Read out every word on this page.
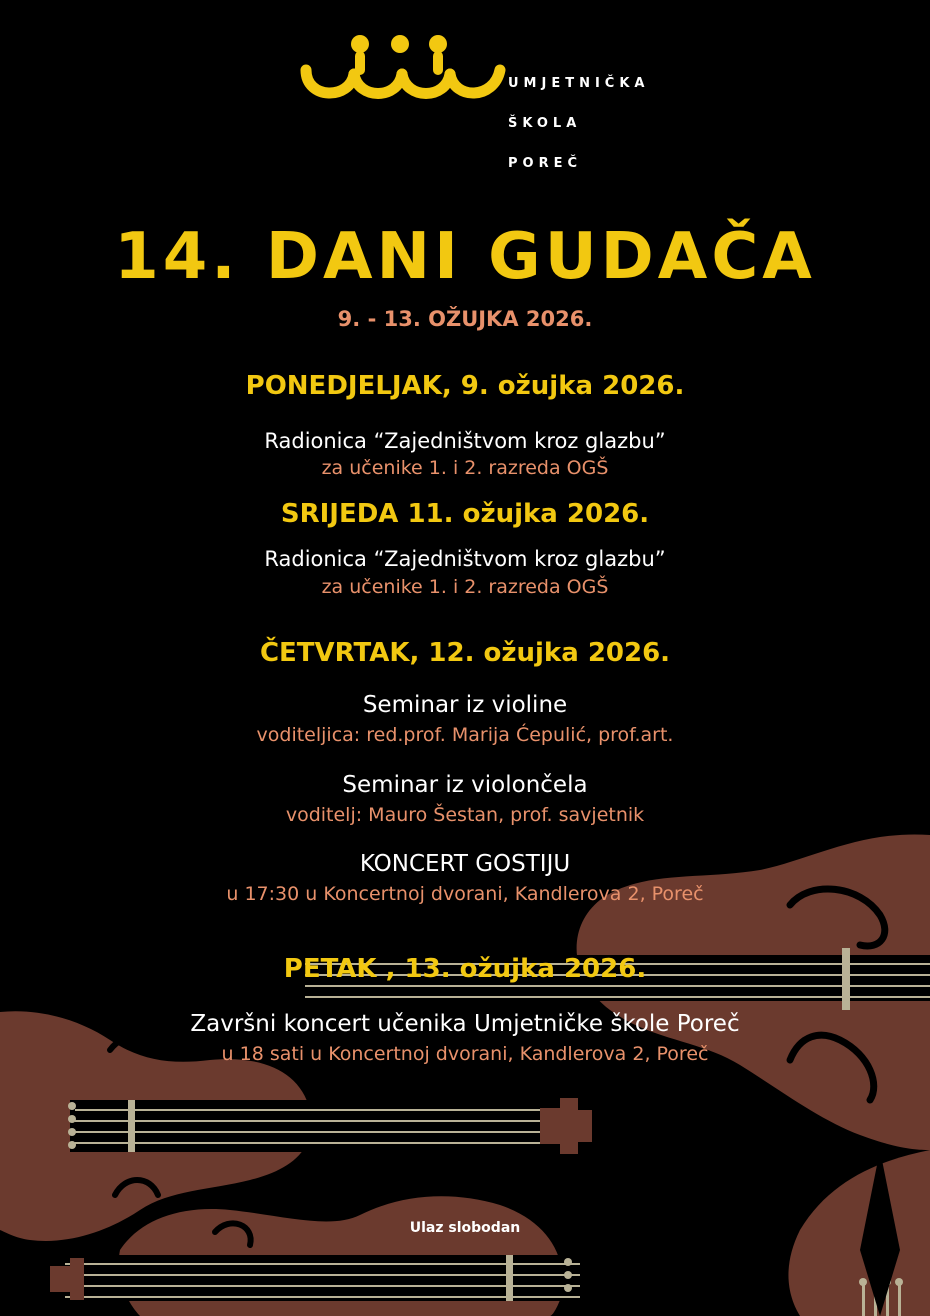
UMJETNIČKA
ŠKOLA
POREČ
14. DANI GUDAČA
9. - 13. OŽUJKA 2026.
PONEDJELJAK, 9. ožujka 2026.
Radionica “Zajedništvom kroz glazbu”
za učenike 1. i 2. razreda OGŠ
SRIJEDA 11. ožujka 2026.
Radionica “Zajedništvom kroz glazbu”
za učenike 1. i 2. razreda OGŠ
ČETVRTAK, 12. ožujka 2026.
Seminar iz violine
voditeljica: red.prof. Marija Ćepulić, prof.art.
Seminar iz violončela
voditelj: Mauro Šestan, prof. savjetnik
KONCERT GOSTIJU
u 17:30 u Koncertnoj dvorani, Kandlerova 2, Poreč
PETAK , 13. ožujka 2026.
Završni koncert učenika Umjetničke škole Poreč
u 18 sati u Koncertnoj dvorani, Kandlerova 2, Poreč
Ulaz slobodan
